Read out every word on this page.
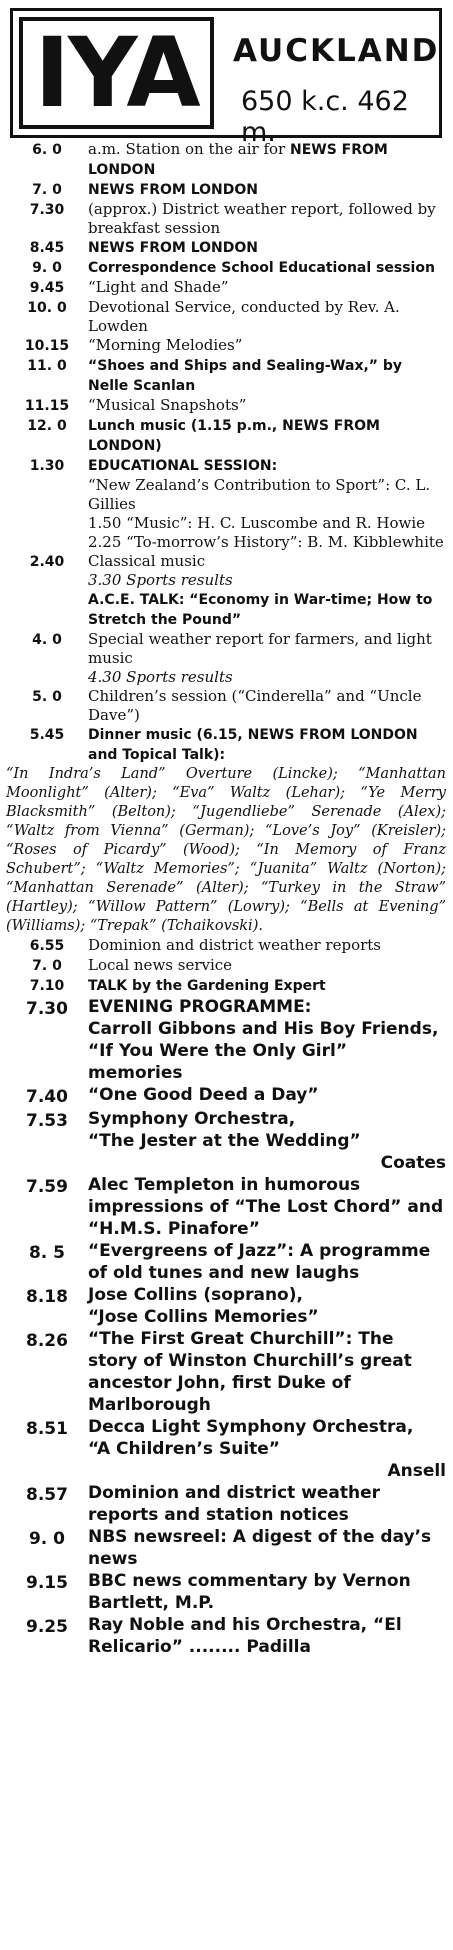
IYA	AUCKLAND
650 k.c. 462 m.
6. 0	a.m. Station on the air for NEWS FROM LONDON
7. 0	NEWS FROM LONDON
7.30	(approx.) District weather report, followed by breakfast session
8.45	NEWS FROM LONDON
9. 0	Correspondence School Educational session
9.45	“Light and Shade”
10. 0	Devotional Service, conducted by Rev. A. Lowden
10.15	“Morning Melodies”
11. 0	“Shoes and Ships and Sealing-Wax,” by Nelle Scanlan
11.15	“Musical Snapshots”
12. 0	Lunch music (1.15 p.m., NEWS FROM LONDON)
1.30	EDUCATIONAL SESSION:
“New Zealand’s Contribution to Sport”: C. L. Gillies
1.50 “Music”: H. C. Luscombe and R. Howie
2.25 “To-morrow’s History”: B. M. Kibblewhite
2.40	Classical music
3.30 Sports results
A.C.E. TALK: “Economy in War-time; How to Stretch the Pound”
4. 0	Special weather report for farmers, and light music
4.30 Sports results
5. 0	Children’s session (“Cinderella” and “Uncle Dave”)
5.45	Dinner music (6.15, NEWS FROM LONDON and Topical Talk):
“In Indra’s Land” Overture (Lincke); “Manhattan Moonlight” (Alter); “Eva” Waltz (Lehar); “Ye Merry Blacksmith” (Belton); “Jugendliebe” Serenade (Alex); “Waltz from Vienna” (German); “Love’s Joy” (Kreisler); “Roses of Picardy” (Wood); “In Memory of Franz Schubert”; “Waltz Memories”; “Juanita” Waltz (Norton); “Manhattan Serenade” (Alter); “Turkey in the Straw” (Hartley); “Willow Pattern” (Lowry); “Bells at Evening” (Williams); “Trepak” (Tchaikovski).
6.55	Dominion and district weather reports
7. 0	Local news service
7.10	TALK by the Gardening Expert
7.30	EVENING PROGRAMME:
Carroll Gibbons and His Boy Friends,
“If You Were the Only Girl” memories
7.40	“One Good Deed a Day”
7.53	Symphony Orchestra,
“The Jester at the Wedding”
Coates
7.59	Alec Templeton in humorous impressions of “The Lost Chord” and “H.M.S. Pinafore”
8. 5	“Evergreens of Jazz”: A programme of old tunes and new laughs
8.18	Jose Collins (soprano),
“Jose Collins Memories”
8.26	“The First Great Churchill”: The story of Winston Churchill’s great ancestor John, first Duke of Marlborough
8.51	Decca Light Symphony Orchestra,
“A Children’s Suite”
Ansell
8.57	Dominion and district weather reports and station notices
9. 0	NBS newsreel: A digest of the day’s news
9.15	BBC news commentary by Vernon Bartlett, M.P.
9.25	Ray Noble and his Orchestra, “El Relicario” ........ Padilla
